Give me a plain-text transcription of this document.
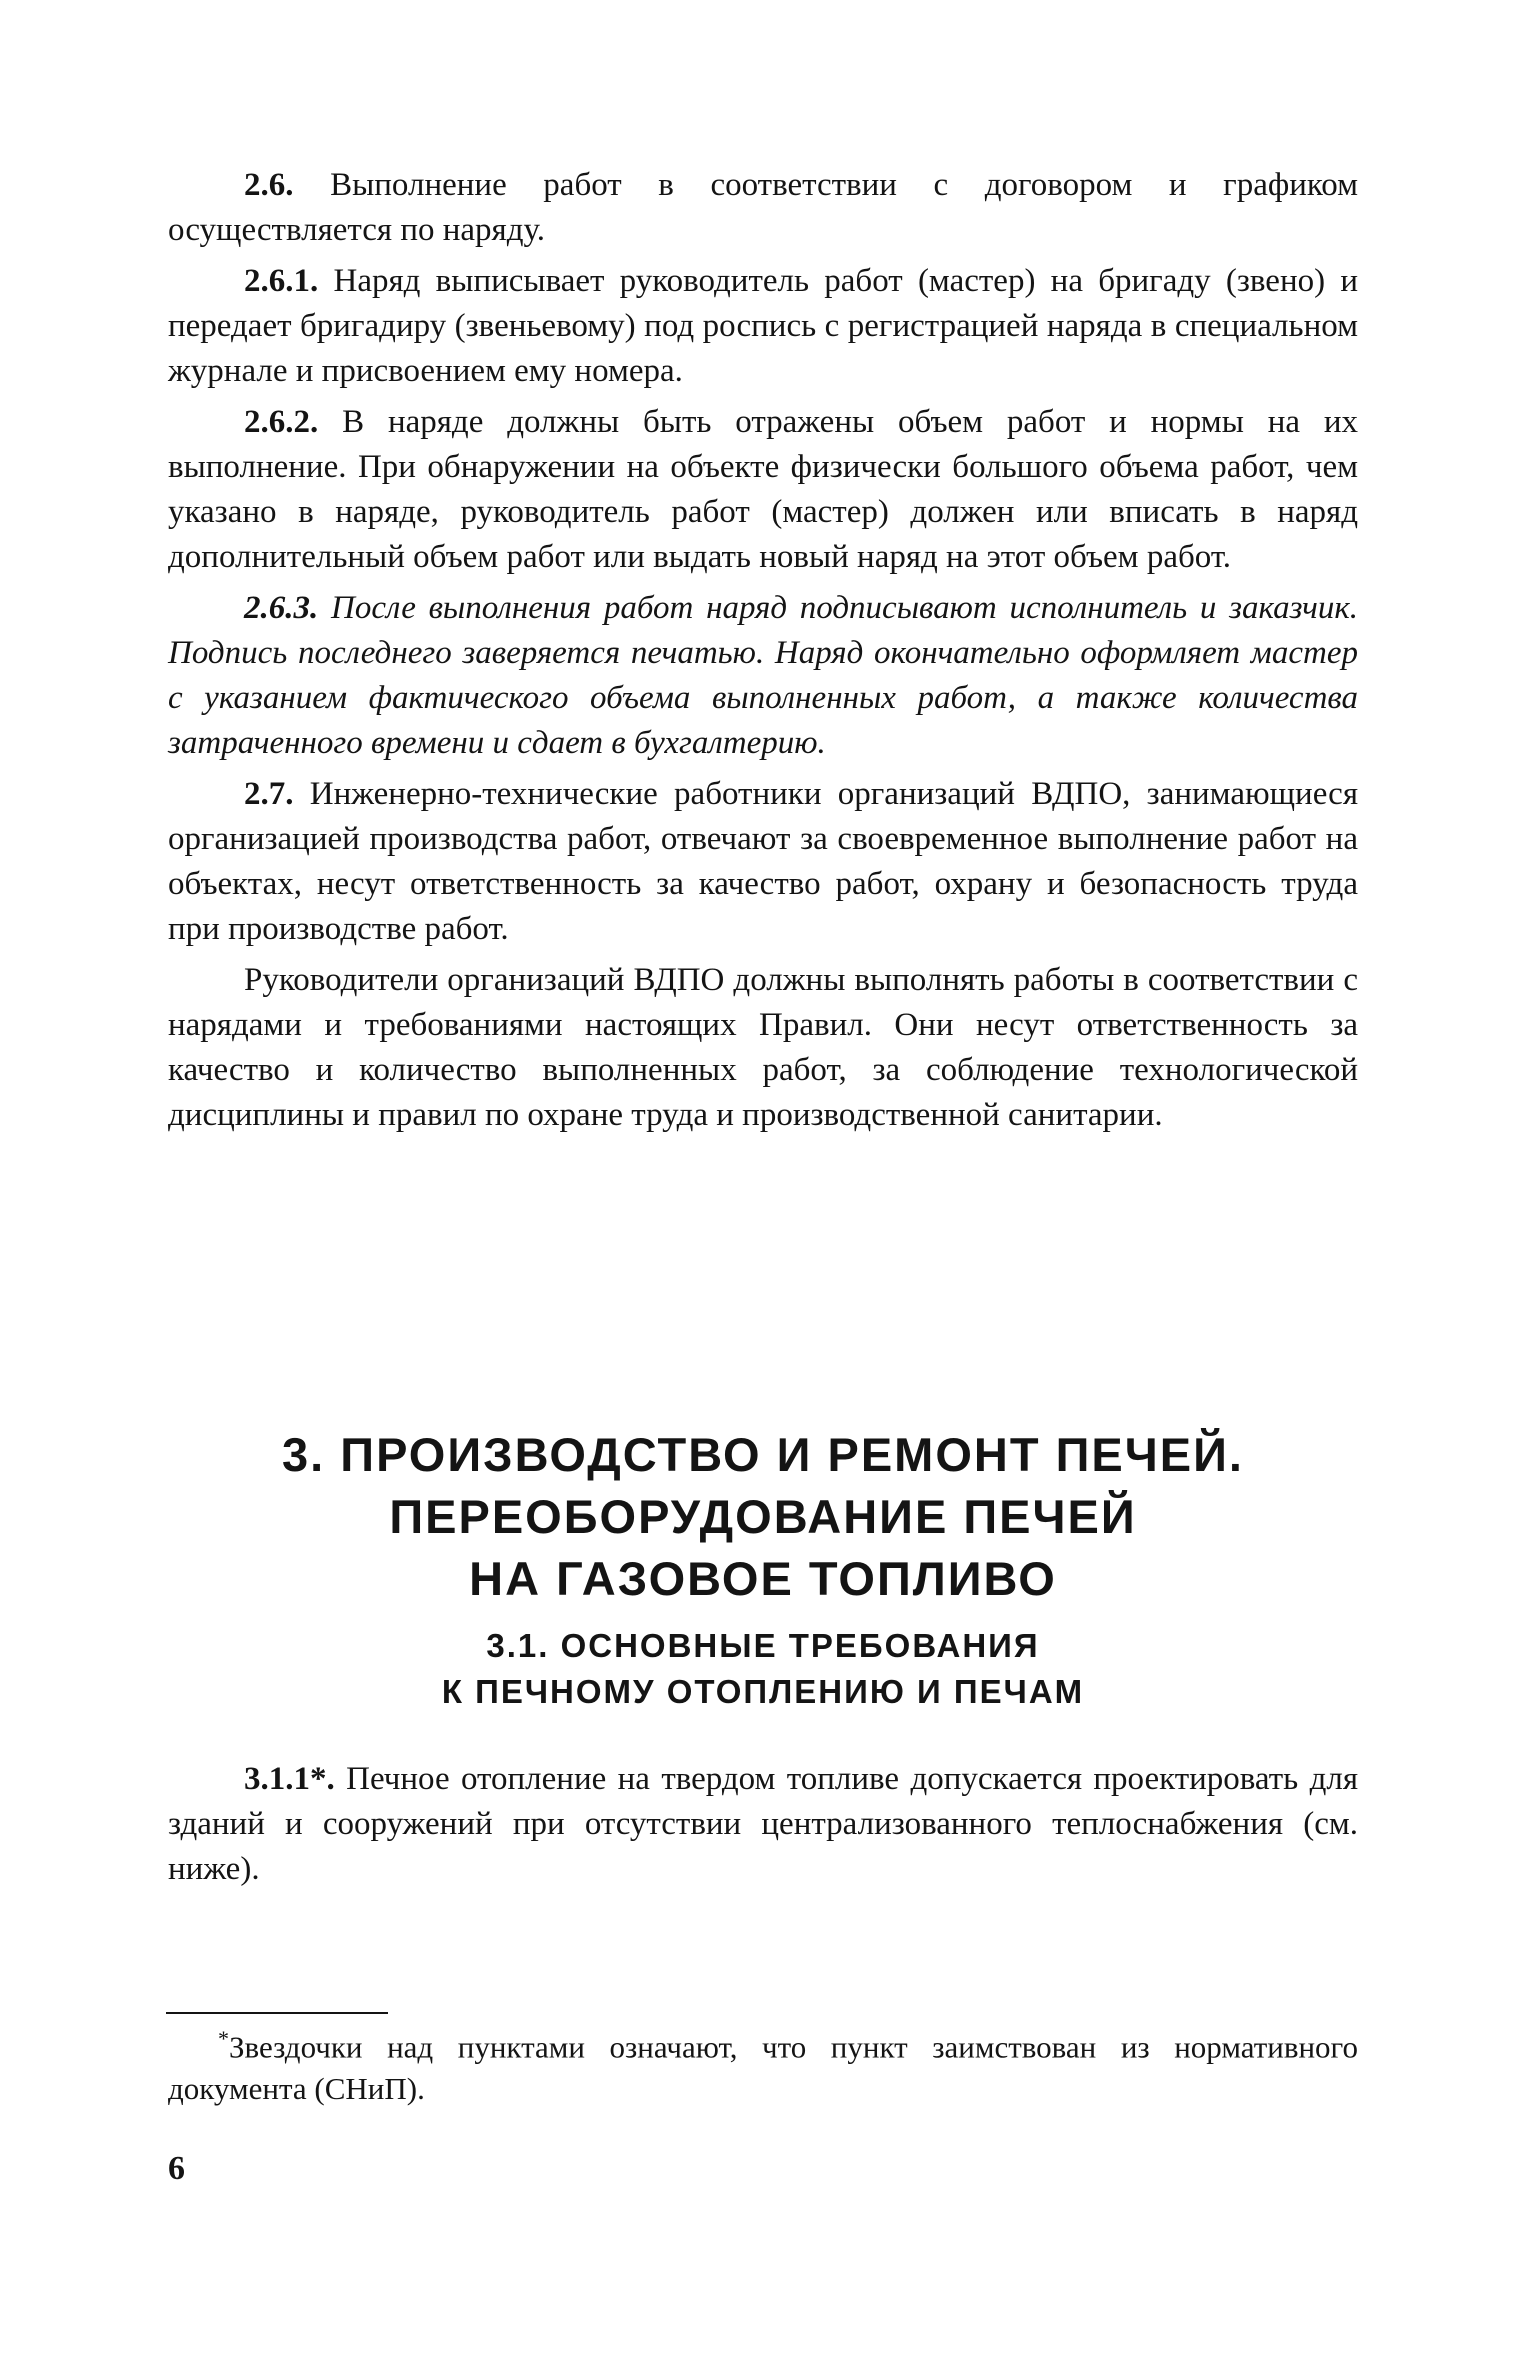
2.6. Выполнение работ в соответствии с договором и графиком осуществляется по наряду.

2.6.1. Наряд выписывает руководитель работ (мастер) на бригаду (звено) и передает бригадиру (звеньевому) под роспись с регистрацией наряда в специальном журнале и присвоением ему номера.

2.6.2. В наряде должны быть отражены объем работ и нормы на их выполнение. При обнаружении на объекте физически большого объема работ, чем указано в наряде, руководитель работ (мастер) должен или вписать в наряд дополнительный объем работ или выдать новый наряд на этот объем работ.

2.6.3. После выполнения работ наряд подписывают исполнитель и заказчик. Подпись последнего заверяется печатью. Наряд окончательно оформляет мастер с указанием фактического объема выполненных работ, а также количества затраченного времени и сдает в бухгалтерию.

2.7. Инженерно-технические работники организаций ВДПО, занимающиеся организацией производства работ, отвечают за своевременное выполнение работ на объектах, несут ответственность за качество работ, охрану и безопасность труда при производстве работ.

Руководители организаций ВДПО должны выполнять работы в соответствии с нарядами и требованиями настоящих Правил. Они несут ответственность за качество и количество выполненных работ, за соблюдение технологической дисциплины и правил по охране труда и производственной санитарии.

3. ПРОИЗВОДСТВО И РЕМОНТ ПЕЧЕЙ.
ПЕРЕОБОРУДОВАНИЕ ПЕЧЕЙ
НА ГАЗОВОЕ ТОПЛИВО
3.1. ОСНОВНЫЕ ТРЕБОВАНИЯ
К ПЕЧНОМУ ОТОПЛЕНИЮ И ПЕЧАМ

3.1.1*. Печное отопление на твердом топливе допускается проектировать для зданий и сооружений при отсутствии централизованного теплоснабжения (см. ниже).

*Звездочки над пунктами означают, что пункт заимствован из нормативного документа (СНиП).

6
